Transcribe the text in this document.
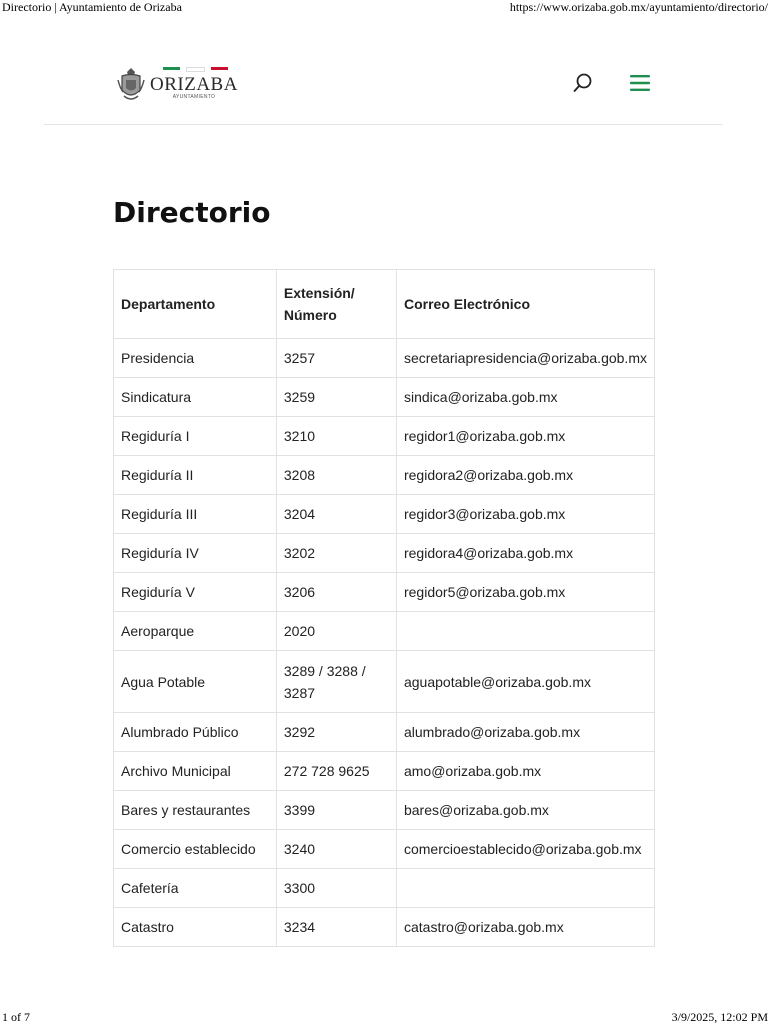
Directorio | Ayuntamiento de Orizaba	https://www.orizaba.gob.mx/ayuntamiento/directorio/
ORIZABA
AYUNTAMIENTO
Directorio
Departamento	Extensión/ Número	Correo Electrónico
Presidencia	3257	secretariapresidencia@orizaba.gob.mx
Sindicatura	3259	sindica@orizaba.gob.mx
Regiduría I	3210	regidor1@orizaba.gob.mx
Regiduría II	3208	regidora2@orizaba.gob.mx
Regiduría III	3204	regidor3@orizaba.gob.mx
Regiduría IV	3202	regidora4@orizaba.gob.mx
Regiduría V	3206	regidor5@orizaba.gob.mx
Aeroparque	2020	
Agua Potable	3289 / 3288 / 3287	aguapotable@orizaba.gob.mx
Alumbrado Público	3292	alumbrado@orizaba.gob.mx
Archivo Municipal	272 728 9625	amo@orizaba.gob.mx
Bares y restaurantes	3399	bares@orizaba.gob.mx
Comercio establecido	3240	comercioestablecido@orizaba.gob.mx
Cafetería	3300	
Catastro	3234	catastro@orizaba.gob.mx
1 of 7	3/9/2025, 12:02 PM
